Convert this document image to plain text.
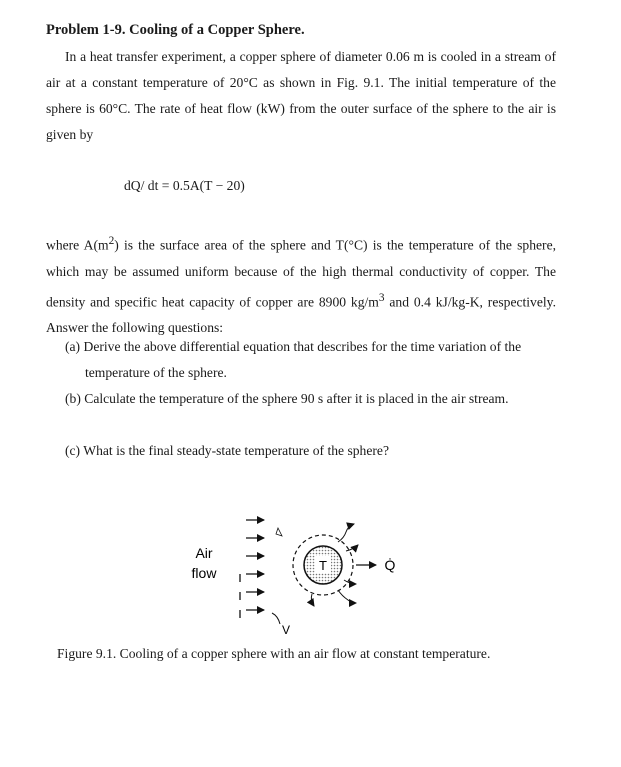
Problem 1-9. Cooling of a Copper Sphere.
In a heat transfer experiment, a copper sphere of diameter 0.06 m is cooled in a stream of air at a constant temperature of 20°C as shown in Fig. 9.1. The initial temperature of the sphere is 60°C. The rate of heat flow (kW) from the outer surface of the sphere to the air is given by
dQ/ dt = 0.5A(T − 20)
where $A(m^2)$ is the surface area of the sphere and T(°C) is the temperature of the sphere, which may be assumed uniform because of the high thermal conductivity of copper. The density and specific heat capacity of copper are 8900 $kg/m^3$ and 0.4 kJ/kg-K, respectively. Answer the following questions:
(a) Derive the above differential equation that describes for the time variation of the temperature of the sphere.
(b) Calculate the temperature of the sphere 90 s after it is placed in the air stream.
(c) What is the final steady-state temperature of the sphere?
Air
flow
V
T	Q̇
Figure 9.1. Cooling of a copper sphere with an air flow at constant temperature.
